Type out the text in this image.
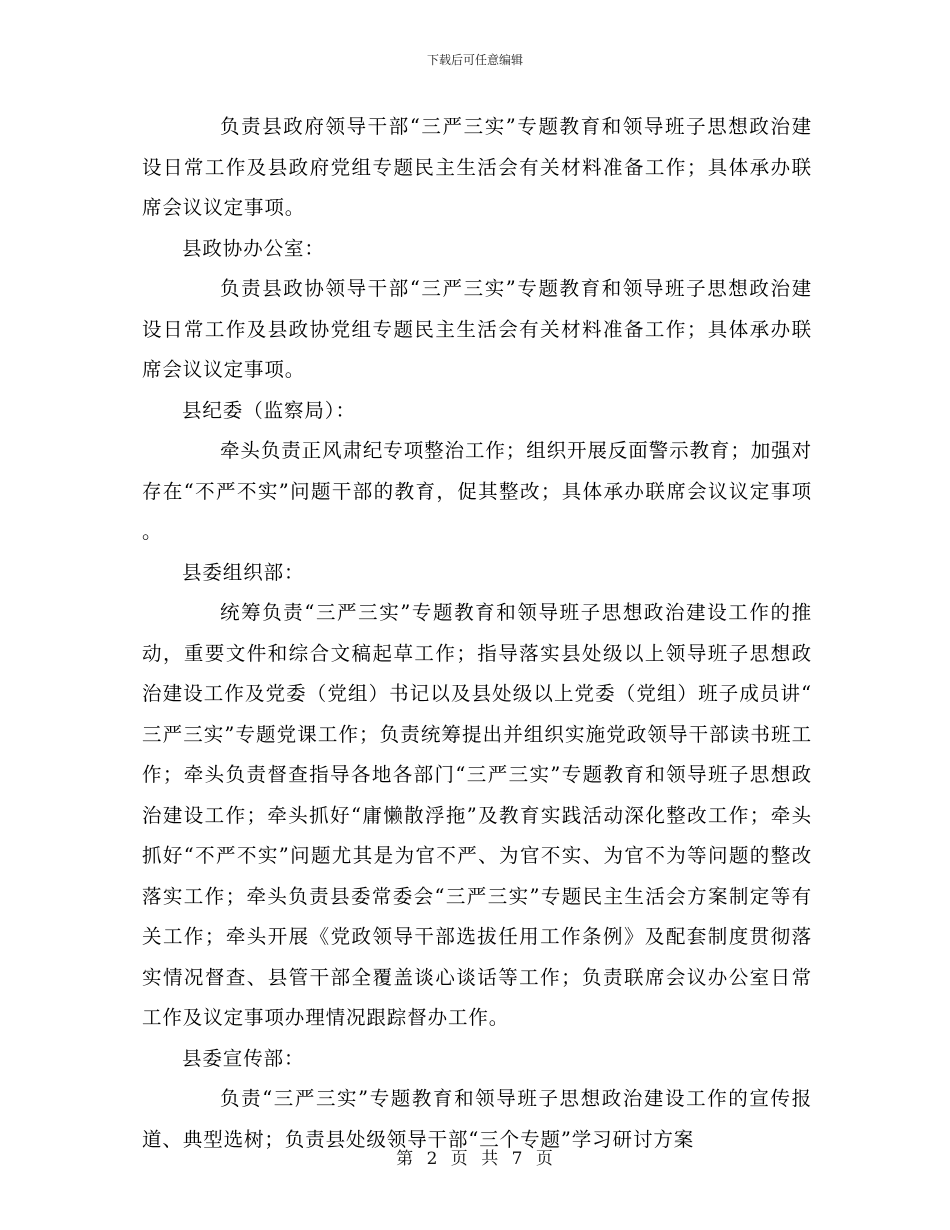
下载后可任意编辑

负责县政府领导干部“三严三实”专题教育和领导班子思想政治建设日常工作及县政府党组专题民主生活会有关材料准备工作；具体承办联席会议议定事项。

县政协办公室：

负责县政协领导干部“三严三实”专题教育和领导班子思想政治建设日常工作及县政协党组专题民主生活会有关材料准备工作；具体承办联席会议议定事项。

县纪委（监察局）：

牵头负责正风肃纪专项整治工作；组织开展反面警示教育；加强对存在“不严不实”问题干部的教育，促其整改；具体承办联席会议议定事项。

县委组织部：

统筹负责“三严三实”专题教育和领导班子思想政治建设工作的推动，重要文件和综合文稿起草工作；指导落实县处级以上领导班子思想政治建设工作及党委（党组）书记以及县处级以上党委（党组）班子成员讲“三严三实”专题党课工作；负责统筹提出并组织实施党政领导干部读书班工作；牵头负责督查指导各地各部门“三严三实”专题教育和领导班子思想政治建设工作；牵头抓好“庸懒散浮拖”及教育实践活动深化整改工作；牵头抓好“不严不实”问题尤其是为官不严、为官不实、为官不为等问题的整改落实工作；牵头负责县委常委会“三严三实”专题民主生活会方案制定等有关工作；牵头开展《党政领导干部选拔任用工作条例》及配套制度贯彻落实情况督查、县管干部全覆盖谈心谈话等工作；负责联席会议办公室日常工作及议定事项办理情况跟踪督办工作。

县委宣传部：

负责“三严三实”专题教育和领导班子思想政治建设工作的宣传报道、典型选树；负责县处级领导干部“三个专题”学习研讨方案

第 2 页 共 7 页
